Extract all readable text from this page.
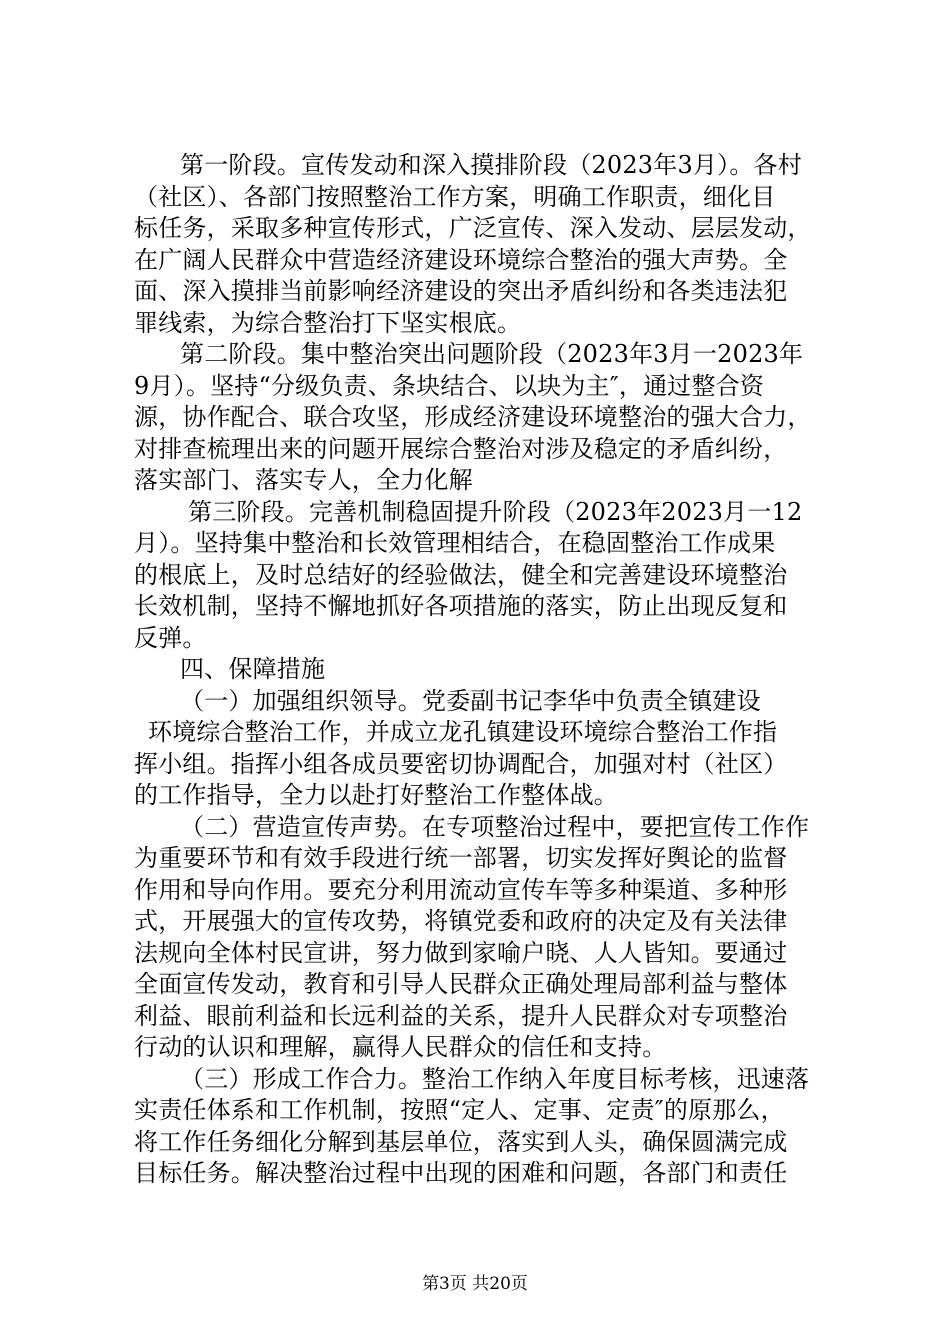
第一阶段。宣传发动和深入摸排阶段（2023年3月）。各村
（社区）、各部门按照整治工作方案，明确工作职责，细化目
标任务，采取多种宣传形式，广泛宣传、深入发动、层层发动，
在广阔人民群众中营造经济建设环境综合整治的强大声势。全
面、深入摸排当前影响经济建设的突出矛盾纠纷和各类违法犯
罪线索，为综合整治打下坚实根底。
第二阶段。集中整治突出问题阶段（2023年3月一2023年
9月）。坚持“分级负责、条块结合、以块为主″，通过整合资
源，协作配合、联合攻坚，形成经济建设环境整治的强大合力，
对排查梳理出来的问题开展综合整治对涉及稳定的矛盾纠纷，
落实部门、落实专人，全力化解
第三阶段。完善机制稳固提升阶段（2023年2023月一12
月）。坚持集中整治和长效管理相结合，在稳固整治工作成果
的根底上，及时总结好的经验做法，健全和完善建设环境整治
长效机制，坚持不懈地抓好各项措施的落实，防止出现反复和
反弹。
四、保障措施
（一）加强组织领导。党委副书记李华中负责全镇建设
环境综合整治工作，并成立龙孔镇建设环境综合整治工作指
挥小组。指挥小组各成员要密切协调配合，加强对村（社区）
的工作指导，全力以赴打好整治工作整体战。
（二）营造宣传声势。在专项整治过程中，要把宣传工作作
为重要环节和有效手段进行统一部署，切实发挥好舆论的监督
作用和导向作用。要充分利用流动宣传车等多种渠道、多种形
式，开展强大的宣传攻势，将镇党委和政府的决定及有关法律
法规向全体村民宣讲，努力做到家喻户晓、人人皆知。要通过
全面宣传发动，教育和引导人民群众正确处理局部利益与整体
利益、眼前利益和长远利益的关系，提升人民群众对专项整治
行动的认识和理解，赢得人民群众的信任和支持。
（三）形成工作合力。整治工作纳入年度目标考核，迅速落
实责任体系和工作机制，按照“定人、定事、定责″的原那么，
将工作任务细化分解到基层单位，落实到人头，确保圆满完成
目标任务。解决整治过程中出现的困难和问题，各部门和责任
第3页 共20页
